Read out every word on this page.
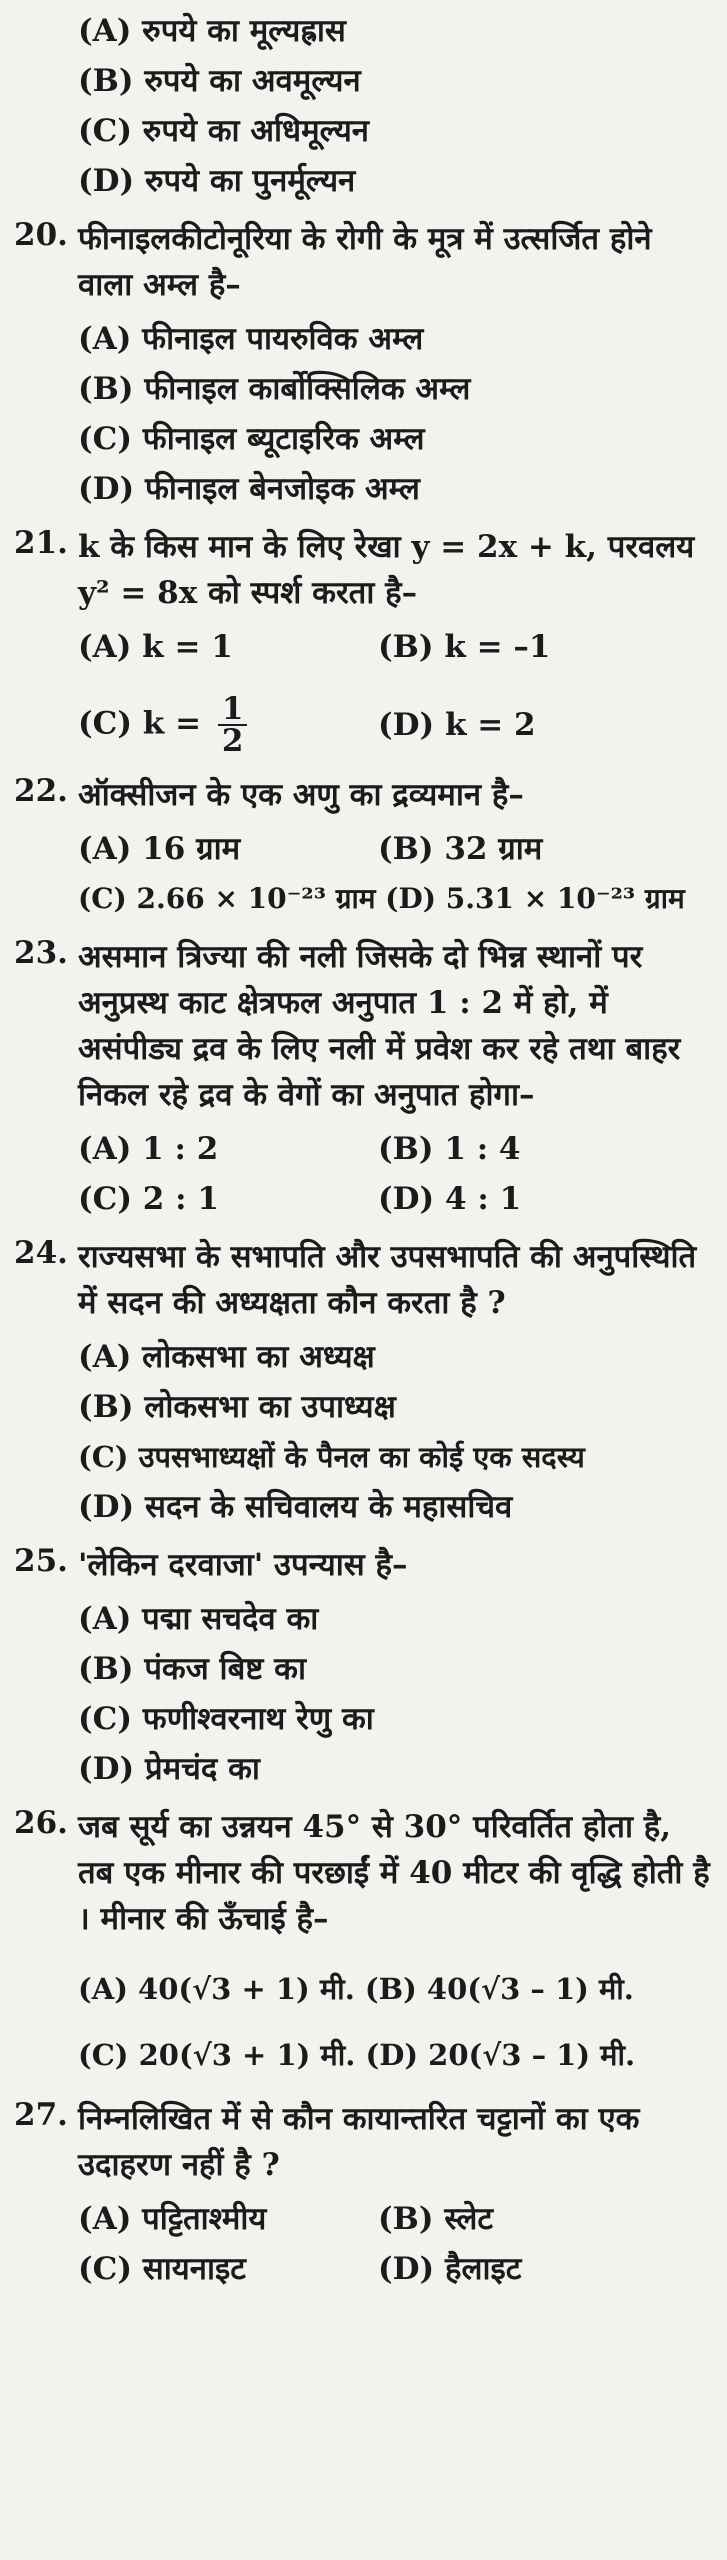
(A) रुपये का मूल्यह्रास
(B) रुपये का अवमूल्यन
(C) रुपये का अधिमूल्यन
(D) रुपये का पुनर्मूल्यन
20. फीनाइलकीटोनूरिया के रोगी के मूत्र में उत्सर्जित होने वाला अम्ल है–
(A) फीनाइल पायरुविक अम्ल
(B) फीनाइल कार्बोक्सिलिक अम्ल
(C) फीनाइल ब्यूटाइरिक अम्ल
(D) फीनाइल बेनजोइक अम्ल
21. k के किस मान के लिए रेखा y = 2x + k, परवलय y² = 8x को स्पर्श करता है–
(A) k = 1	(B) k = –1
(C) $k = \frac{1}{2}$	(D) k = 2
22. ऑक्सीजन के एक अणु का द्रव्यमान है–
(A) 16 ग्राम	(B) 32 ग्राम
(C) 2.66 × 10⁻²³ ग्राम (D) 5.31 × 10⁻²³ ग्राम
23. असमान त्रिज्या की नली जिसके दो भिन्न स्थानों पर अनुप्रस्थ काट क्षेत्रफल अनुपात 1 : 2 में हो, में असंपीड्य द्रव के लिए नली में प्रवेश कर रहे तथा बाहर निकल रहे द्रव के वेगों का अनुपात होगा–
(A) 1 : 2	(B) 1 : 4
(C) 2 : 1	(D) 4 : 1
24. राज्यसभा के सभापति और उपसभापति की अनुपस्थिति में सदन की अध्यक्षता कौन करता है ?
(A) लोकसभा का अध्यक्ष
(B) लोकसभा का उपाध्यक्ष
(C) उपसभाध्यक्षों के पैनल का कोई एक सदस्य
(D) सदन के सचिवालय के महासचिव
25. 'लेकिन दरवाजा' उपन्यास है–
(A) पद्मा सचदेव का
(B) पंकज बिष्ट का
(C) फणीश्वरनाथ रेणु का
(D) प्रेमचंद का
26. जब सूर्य का उन्नयन 45° से 30° परिवर्तित होता है, तब एक मीनार की परछाईं में 40 मीटर की वृद्धि होती है । मीनार की ऊँचाई है–
(A) 40(√3 + 1) मी. (B) 40(√3 – 1) मी.
(C) 20(√3 + 1) मी. (D) 20(√3 – 1) मी.
27. निम्नलिखित में से कौन कायान्तरित चट्टानों का एक उदाहरण नहीं है ?
(A) पट्टिताश्मीय	(B) स्लेट
(C) सायनाइट	(D) हैलाइट
